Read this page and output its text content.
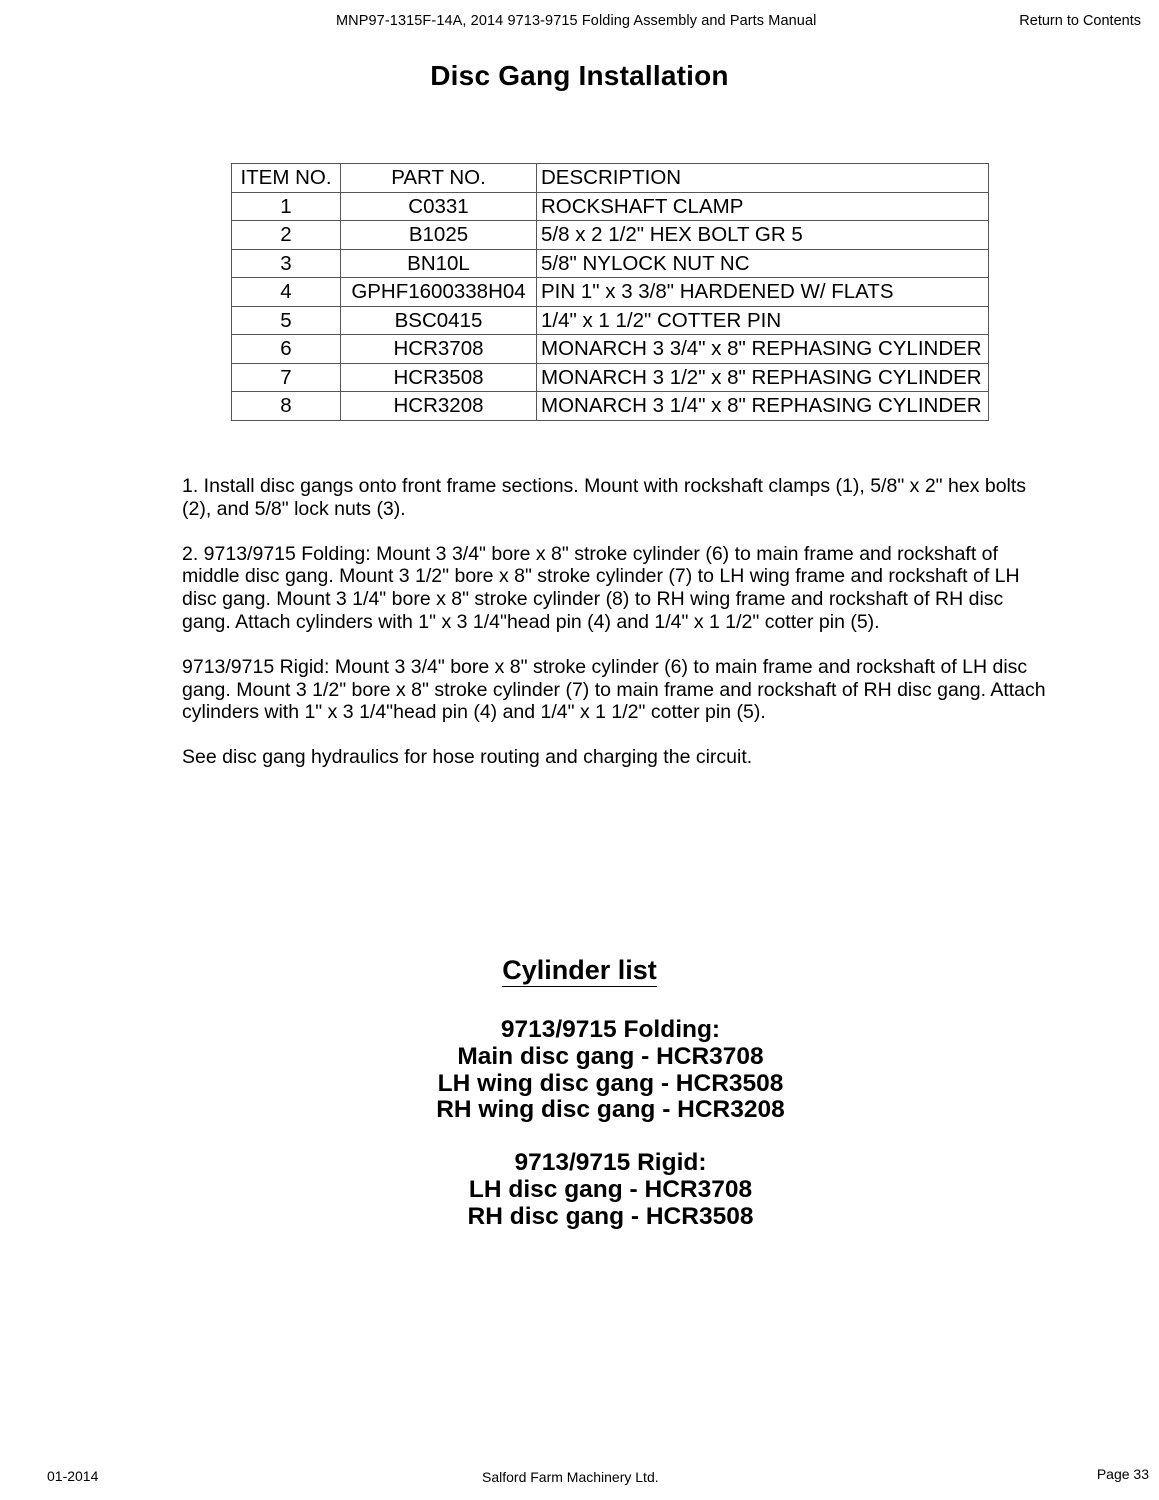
MNP97-1315F-14A, 2014 9713-9715 Folding Assembly and Parts Manual	Return to Contents
Disc Gang Installation
ITEM NO.	PART NO.	DESCRIPTION
1	C0331	ROCKSHAFT CLAMP
2	B1025	5/8 x 2 1/2" HEX BOLT GR 5
3	BN10L	5/8" NYLOCK NUT NC
4	GPHF1600338H04	PIN 1" x 3 3/8" HARDENED W/ FLATS
5	BSC0415	1/4" x 1 1/2" COTTER PIN
6	HCR3708	MONARCH 3 3/4" x 8" REPHASING CYLINDER
7	HCR3508	MONARCH 3 1/2" x 8" REPHASING CYLINDER
8	HCR3208	MONARCH 3 1/4" x 8" REPHASING CYLINDER

1. Install disc gangs onto front frame sections. Mount with rockshaft clamps (1), 5/8" x 2" hex bolts (2), and 5/8" lock nuts (3).

2. 9713/9715 Folding: Mount 3 3/4" bore x 8" stroke cylinder (6) to main frame and rockshaft of middle disc gang. Mount 3 1/2" bore x 8" stroke cylinder (7) to LH wing frame and rockshaft of LH disc gang. Mount 3 1/4" bore x 8" stroke cylinder (8) to RH wing frame and rockshaft of RH disc gang. Attach cylinders with 1" x 3 1/4"head pin (4) and 1/4" x 1 1/2" cotter pin (5).

9713/9715 Rigid: Mount 3 3/4" bore x 8" stroke cylinder (6) to main frame and rockshaft of LH disc gang. Mount 3 1/2" bore x 8" stroke cylinder (7) to main frame and rockshaft of RH disc gang. Attach cylinders with 1" x 3 1/4"head pin (4) and 1/4" x 1 1/2" cotter pin (5).

See disc gang hydraulics for hose routing and charging the circuit.

Cylinder list
9713/9715 Folding:
Main disc gang - HCR3708
LH wing disc gang - HCR3508
RH wing disc gang - HCR3208
9713/9715 Rigid:
LH disc gang - HCR3708
RH disc gang - HCR3508
01-2014	Salford Farm Machinery Ltd.	Page 33
